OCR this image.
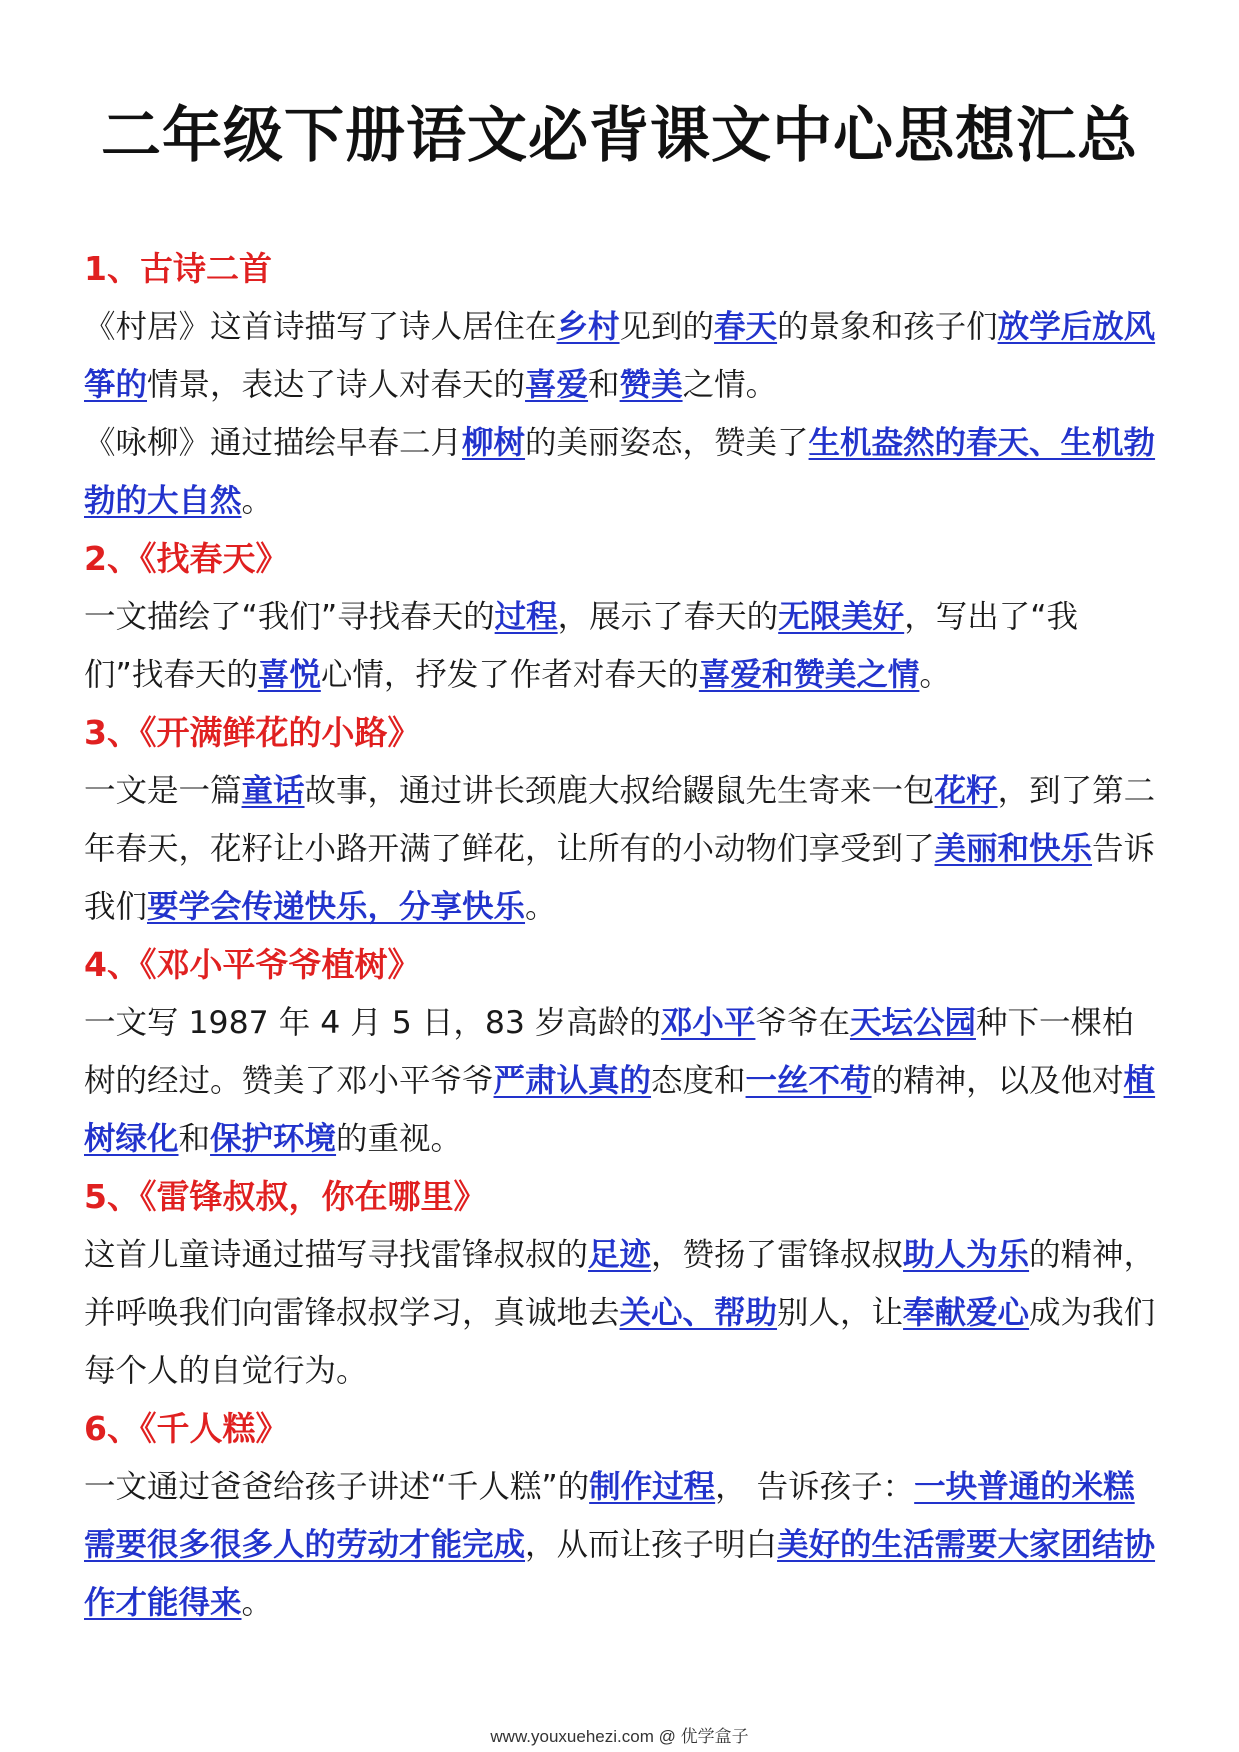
二年级下册语文必背课文中心思想汇总
1、古诗二首

《村居》这首诗描写了诗人居住在乡村见到的春天的景象和孩子们放学后放风筝的情景，表达了诗人对春天的喜爱和赞美之情。

《咏柳》通过描绘早春二月柳树的美丽姿态，赞美了生机盎然的春天、生机勃勃的大自然。

2、《找春天》

一文描绘了“我们”寻找春天的过程，展示了春天的无限美好，写出了“我们”找春天的喜悦心情，抒发了作者对春天的喜爱和赞美之情。

3、《开满鲜花的小路》

一文是一篇童话故事，通过讲长颈鹿大叔给鼹鼠先生寄来一包花籽，到了第二年春天，花籽让小路开满了鲜花，让所有的小动物们享受到了美丽和快乐告诉我们要学会传递快乐，分享快乐。

4、《邓小平爷爷植树》

一文写 1987 年 4 月 5 日，83 岁高龄的邓小平爷爷在天坛公园种下一棵柏树的经过。赞美了邓小平爷爷严肃认真的态度和一丝不苟的精神，以及他对植树绿化和保护环境的重视。

5、《雷锋叔叔，你在哪里》

这首儿童诗通过描写寻找雷锋叔叔的足迹，赞扬了雷锋叔叔助人为乐的精神，并呼唤我们向雷锋叔叔学习，真诚地去关心、帮助别人，让奉献爱心成为我们每个人的自觉行为。

6、《千人糕》

一文通过爸爸给孩子讲述“千人糕”的制作过程， 告诉孩子：一块普通的米糕需要很多很多人的劳动才能完成，从而让孩子明白美好的生活需要大家团结协作才能得来。

www.youxuehezi.com @ 优学盒子
